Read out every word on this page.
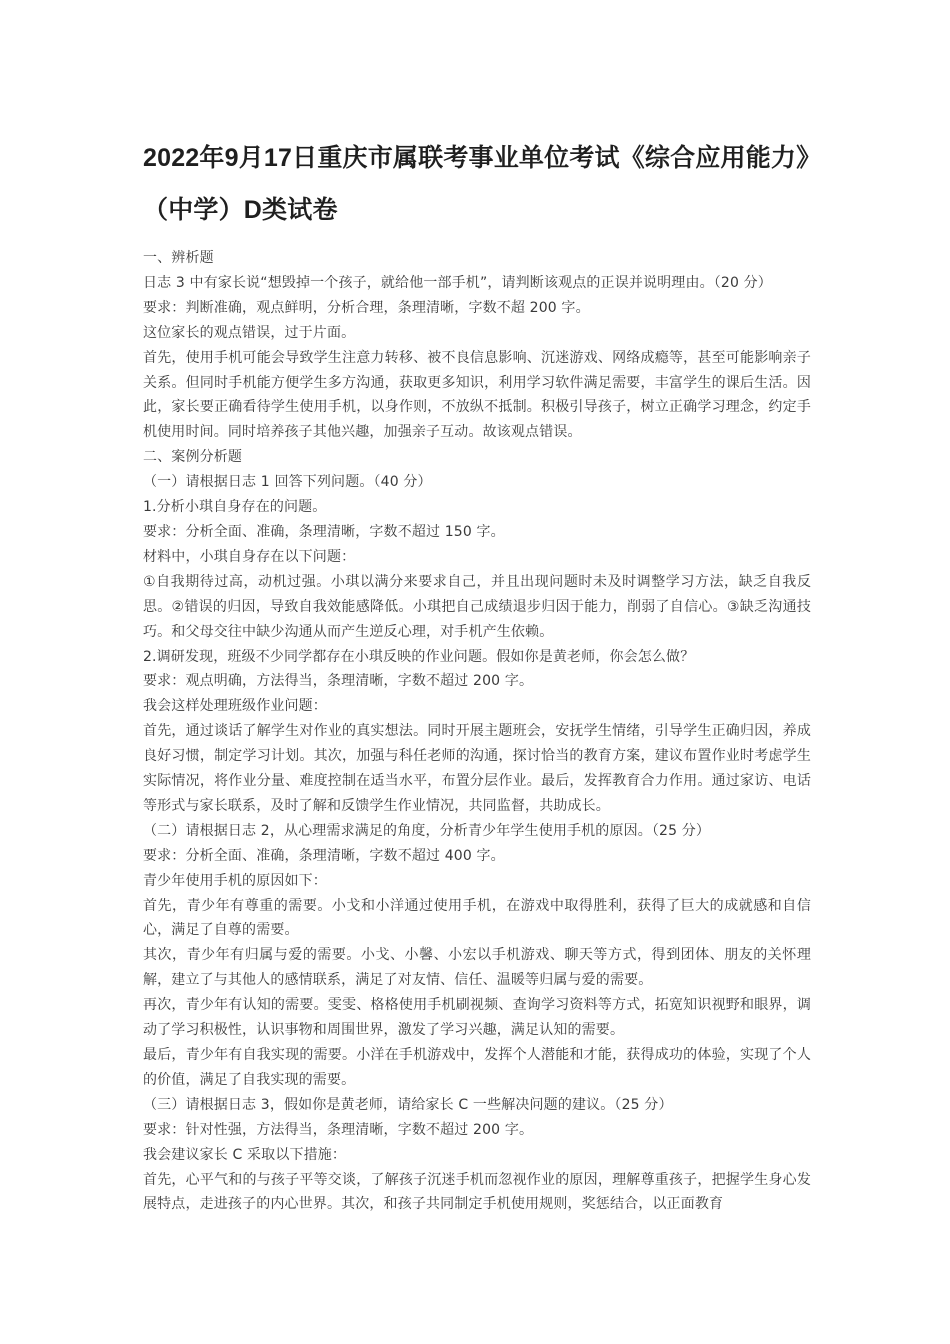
2022年9月17日重庆市属联考事业单位考试《综合应用能力》（中学）D类试卷

一、辨析题

日志 3 中有家长说“想毁掉一个孩子，就给他一部手机”，请判断该观点的正误并说明理由。（20 分）

要求：判断准确，观点鲜明，分析合理，条理清晰，字数不超 200 字。

这位家长的观点错误，过于片面。

首先，使用手机可能会导致学生注意力转移、被不良信息影响、沉迷游戏、网络成瘾等，甚至可能影响亲子关系。但同时手机能方便学生多方沟通，获取更多知识，利用学习软件满足需要，丰富学生的课后生活。因此，家长要正确看待学生使用手机，以身作则，不放纵不抵制。积极引导孩子，树立正确学习理念，约定手机使用时间。同时培养孩子其他兴趣，加强亲子互动。故该观点错误。

二、案例分析题

（一）请根据日志 1 回答下列问题。（40 分）

1.分析小琪自身存在的问题。

要求：分析全面、准确，条理清晰，字数不超过 150 字。

材料中，小琪自身存在以下问题：

①自我期待过高，动机过强。小琪以满分来要求自己，并且出现问题时未及时调整学习方法，缺乏自我反思。②错误的归因，导致自我效能感降低。小琪把自己成绩退步归因于能力，削弱了自信心。③缺乏沟通技巧。和父母交往中缺少沟通从而产生逆反心理，对手机产生依赖。

2.调研发现，班级不少同学都存在小琪反映的作业问题。假如你是黄老师，你会怎么做？

要求：观点明确，方法得当，条理清晰，字数不超过 200 字。

我会这样处理班级作业问题：

首先，通过谈话了解学生对作业的真实想法。同时开展主题班会，安抚学生情绪，引导学生正确归因，养成良好习惯，制定学习计划。其次，加强与科任老师的沟通，探讨恰当的教育方案，建议布置作业时考虑学生实际情况，将作业分量、难度控制在适当水平，布置分层作业。最后，发挥教育合力作用。通过家访、电话等形式与家长联系，及时了解和反馈学生作业情况，共同监督，共助成长。

（二）请根据日志 2，从心理需求满足的角度，分析青少年学生使用手机的原因。（25 分）

要求：分析全面、准确，条理清晰，字数不超过 400 字。

青少年使用手机的原因如下：

首先，青少年有尊重的需要。小戈和小洋通过使用手机，在游戏中取得胜利，获得了巨大的成就感和自信心，满足了自尊的需要。

其次，青少年有归属与爱的需要。小戈、小馨、小宏以手机游戏、聊天等方式，得到团体、朋友的关怀理解，建立了与其他人的感情联系，满足了对友情、信任、温暖等归属与爱的需要。

再次，青少年有认知的需要。雯雯、格格使用手机刷视频、查询学习资料等方式，拓宽知识视野和眼界，调动了学习积极性，认识事物和周围世界，激发了学习兴趣，满足认知的需要。

最后，青少年有自我实现的需要。小洋在手机游戏中，发挥个人潜能和才能，获得成功的体验，实现了个人的价值，满足了自我实现的需要。

（三）请根据日志 3，假如你是黄老师，请给家长 C 一些解决问题的建议。（25 分）

要求：针对性强，方法得当，条理清晰，字数不超过 200 字。

我会建议家长 C 采取以下措施：

首先，心平气和的与孩子平等交谈，了解孩子沉迷手机而忽视作业的原因，理解尊重孩子，把握学生身心发展特点，走进孩子的内心世界。其次，和孩子共同制定手机使用规则，奖惩结合，以正面教育
